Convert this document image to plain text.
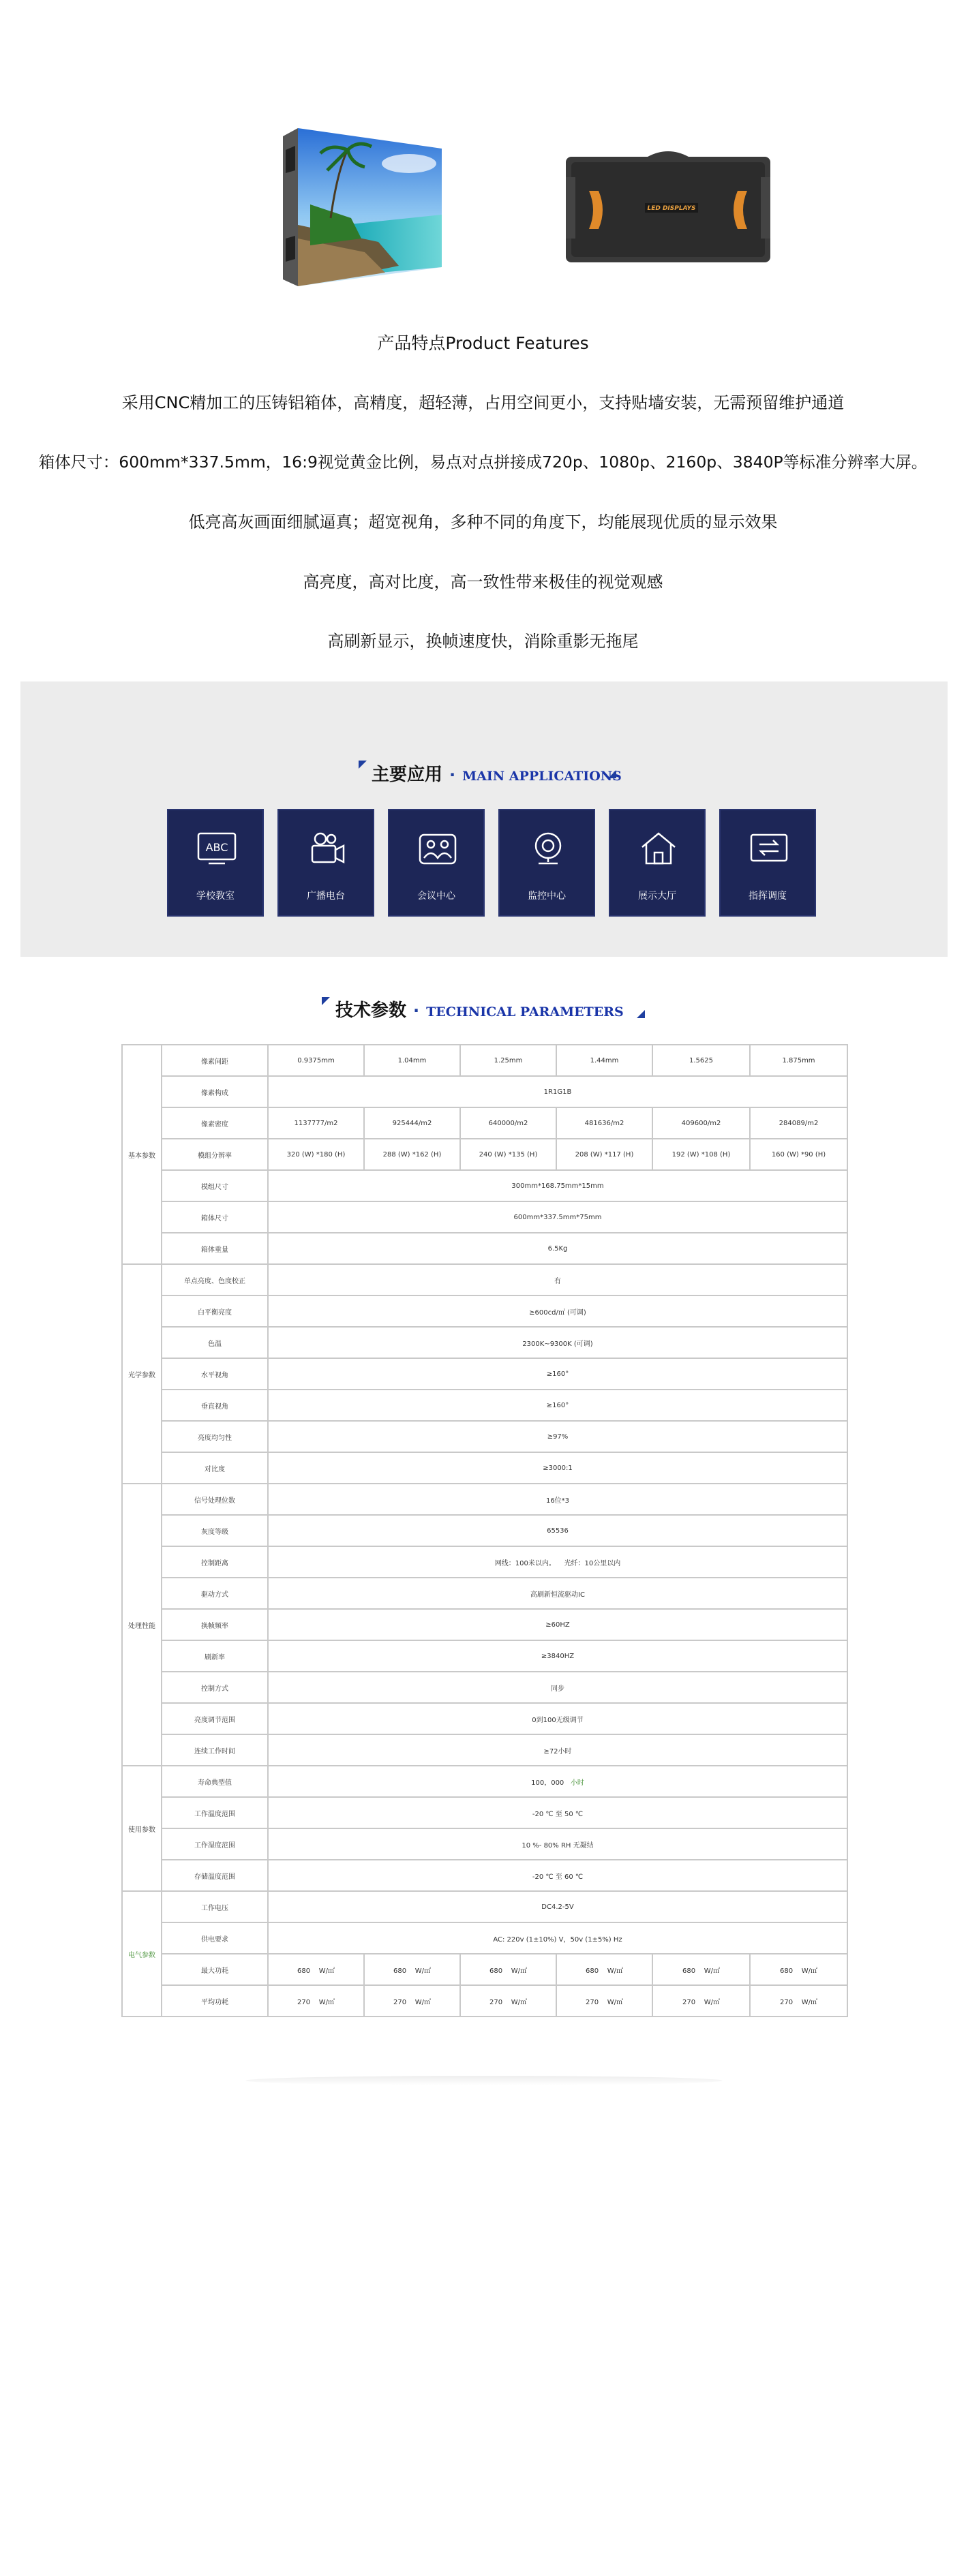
LED DISPLAYS

产品特点Product Features

采用CNC精加工的压铸铝箱体，高精度，超轻薄，占用空间更小，支持贴墙安装，无需预留维护通道

箱体尺寸：600mm*337.5mm，16:9视觉黄金比例，易点对点拼接成720p、1080p、2160p、3840P等标准分辨率大屏。

低亮高灰画面细腻逼真；超宽视角，多种不同的角度下，均能展现优质的显示效果

高亮度，高对比度，高一致性带来极佳的视觉观感

高刷新显示，换帧速度快，消除重影无拖尾

主要应用 · MAIN APPLICATIONS
ABC
学校教室	广播电台	会议中心	监控中心	展示大厅	指挥调度
技术参数 · TECHNICAL PARAMETERS
基本参数	像素间距	0.9375mm	1.04mm	1.25mm	1.44mm	1.5625	1.875mm
	像素构成	1R1G1B					
	像素密度	1137777/m2	925444/m2	640000/m2	481636/m2	409600/m2	284089/m2
	模组分辨率	320 (W) *180 (H)	288 (W) *162 (H)	240 (W) *135 (H)	208 (W) *117 (H)	192 (W) *108 (H)	160 (W) *90 (H)
	模组尺寸	300mm*168.75mm*15mm					
	箱体尺寸	600mm*337.5mm*75mm					
	箱体重量	6.5Kg					
光学参数	单点亮度、色度校正	有					
	白平衡亮度	≥600cd/㎡ (可调)					
	色温	2300K~9300K (可调)					
	水平视角	≥160°					
	垂直视角	≥160°					
	亮度均匀性	≥97%					
	对比度	≥3000:1					
处理性能	信号处理位数	16位*3					
	灰度等级	65536					
	控制距离	网线：100米以内。    光纤：10公里以内					
	驱动方式	高刷新恒流驱动IC					
	换帧频率	≥60HZ					
	刷新率	≥3840HZ					
	控制方式	同步					
	亮度调节范围	0到100无级调节					
	连续工作时间	≥72小时					
使用参数	寿命典型值	100，000 小时					
	工作温度范围	-20 ℃ 至 50 ℃					
	工作湿度范围	10 %- 80% RH 无凝结					
	存储温度范围	-20 ℃ 至 60 ℃					
电气参数	工作电压	DC4.2-5V					
	供电要求	AC: 220v (1±10%) V，50v (1±5%) Hz					
	最大功耗	680    W/㎡	680    W/㎡	680    W/㎡	680    W/㎡	680    W/㎡	680    W/㎡
	平均功耗	270    W/㎡	270    W/㎡	270    W/㎡	270    W/㎡	270    W/㎡	270    W/㎡
